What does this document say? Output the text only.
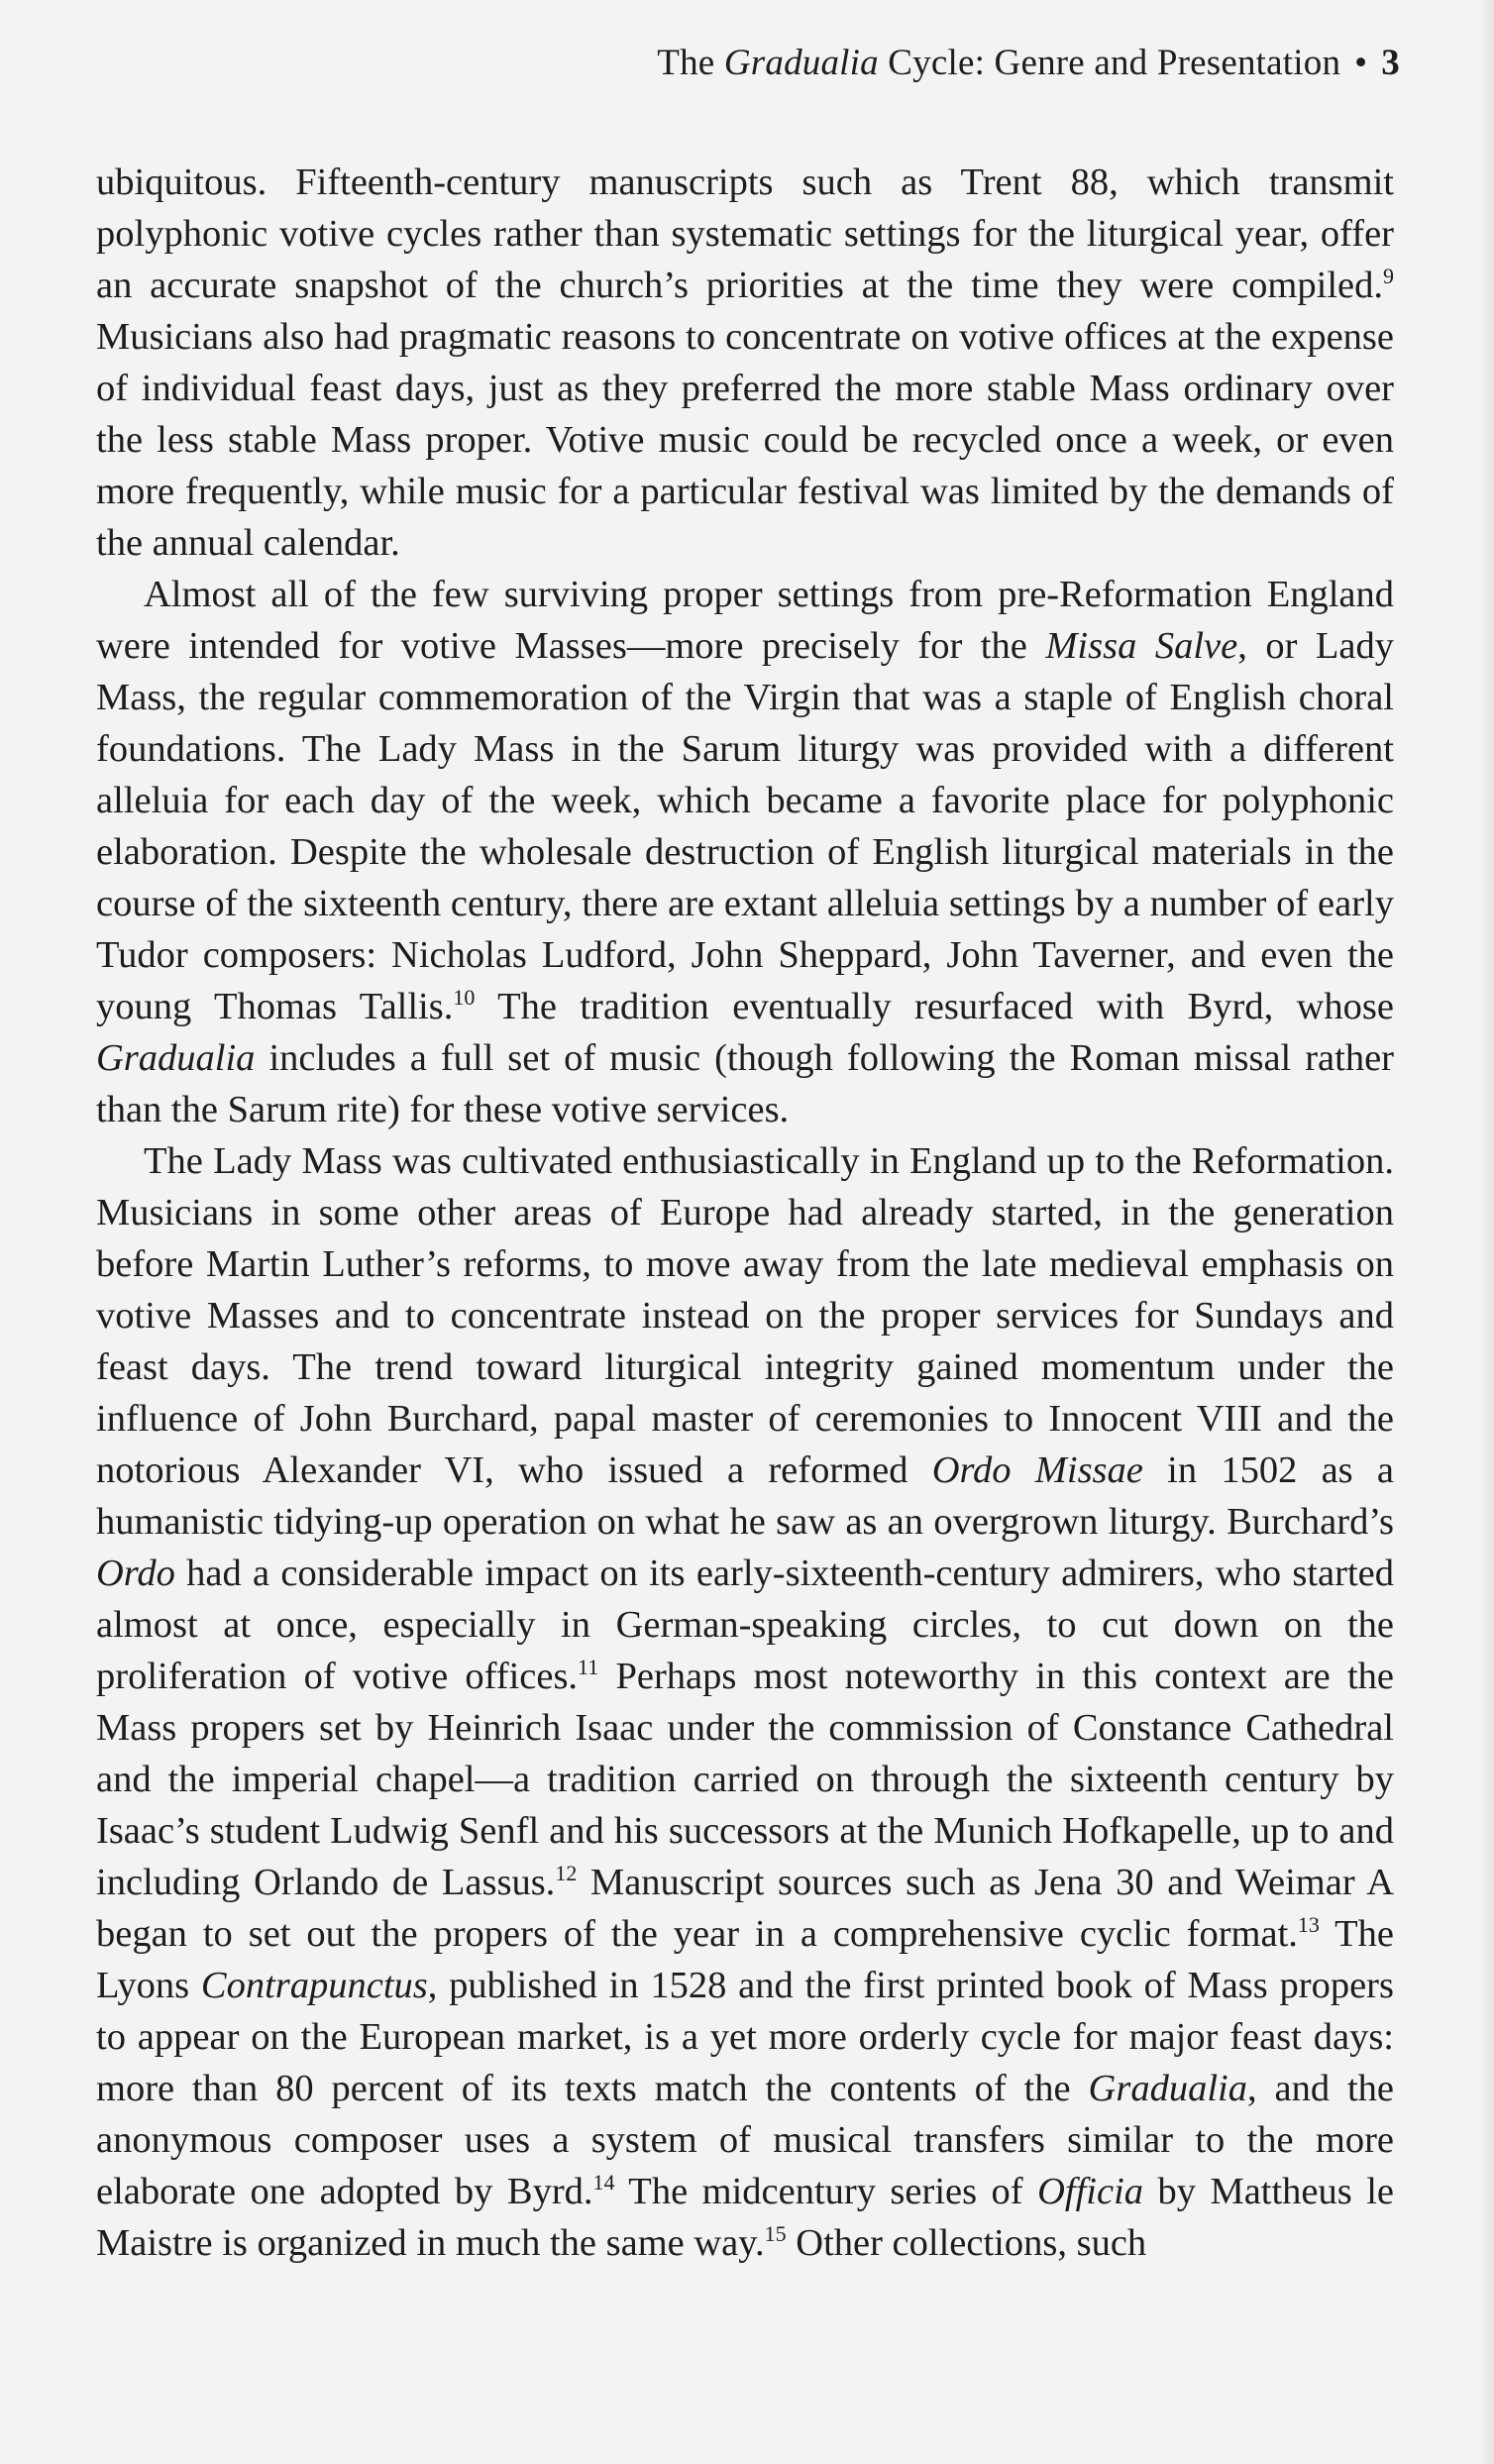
The Gradualia Cycle: Genre and Presentation • 3

ubiquitous. Fifteenth-century manuscripts such as Trent 88, which transmit polyphonic votive cycles rather than systematic settings for the liturgical year, offer an accurate snapshot of the church’s priorities at the time they were compiled.$^9$ Musicians also had pragmatic reasons to concentrate on votive offices at the expense of individual feast days, just as they preferred the more stable Mass ordinary over the less stable Mass proper. Votive music could be recycled once a week, or even more frequently, while music for a particular festival was limited by the demands of the annual calendar.

Almost all of the few surviving proper settings from pre-Reformation England were intended for votive Masses—more precisely for the Missa Salve, or Lady Mass, the regular commemoration of the Virgin that was a staple of English choral foundations. The Lady Mass in the Sarum liturgy was provided with a different alleluia for each day of the week, which became a favorite place for polyphonic elaboration. Despite the wholesale destruction of English liturgical materials in the course of the sixteenth century, there are extant alleluia settings by a number of early Tudor composers: Nicholas Ludford, John Sheppard, John Taverner, and even the young Thomas Tallis.$^{10}$ The tradition eventually resurfaced with Byrd, whose Gradualia includes a full set of music (though following the Roman missal rather than the Sarum rite) for these votive services.

The Lady Mass was cultivated enthusiastically in England up to the Reformation. Musicians in some other areas of Europe had already started, in the generation before Martin Luther’s reforms, to move away from the late medieval emphasis on votive Masses and to concentrate instead on the proper services for Sundays and feast days. The trend toward liturgical integrity gained momentum under the influence of John Burchard, papal master of ceremonies to Innocent VIII and the notorious Alexander VI, who issued a reformed Ordo Missae in 1502 as a humanistic tidying-up operation on what he saw as an overgrown liturgy. Burchard’s Ordo had a considerable impact on its early-sixteenth-century admirers, who started almost at once, especially in German-speaking circles, to cut down on the proliferation of votive offices.$^{11}$ Perhaps most noteworthy in this context are the Mass propers set by Heinrich Isaac under the commission of Constance Cathedral and the imperial chapel—a tradition carried on through the sixteenth century by Isaac’s student Ludwig Senfl and his successors at the Munich Hofkapelle, up to and including Orlando de Lassus.$^{12}$ Manuscript sources such as Jena 30 and Weimar A began to set out the propers of the year in a comprehensive cyclic format.$^{13}$ The Lyons Contrapunctus, published in 1528 and the first printed book of Mass propers to appear on the European market, is a yet more orderly cycle for major feast days: more than 80 percent of its texts match the contents of the Gradualia, and the anonymous composer uses a system of musical transfers similar to the more elaborate one adopted by Byrd.$^{14}$ The midcentury series of Officia by Mattheus le Maistre is organized in much the same way.$^{15}$ Other collections, such
